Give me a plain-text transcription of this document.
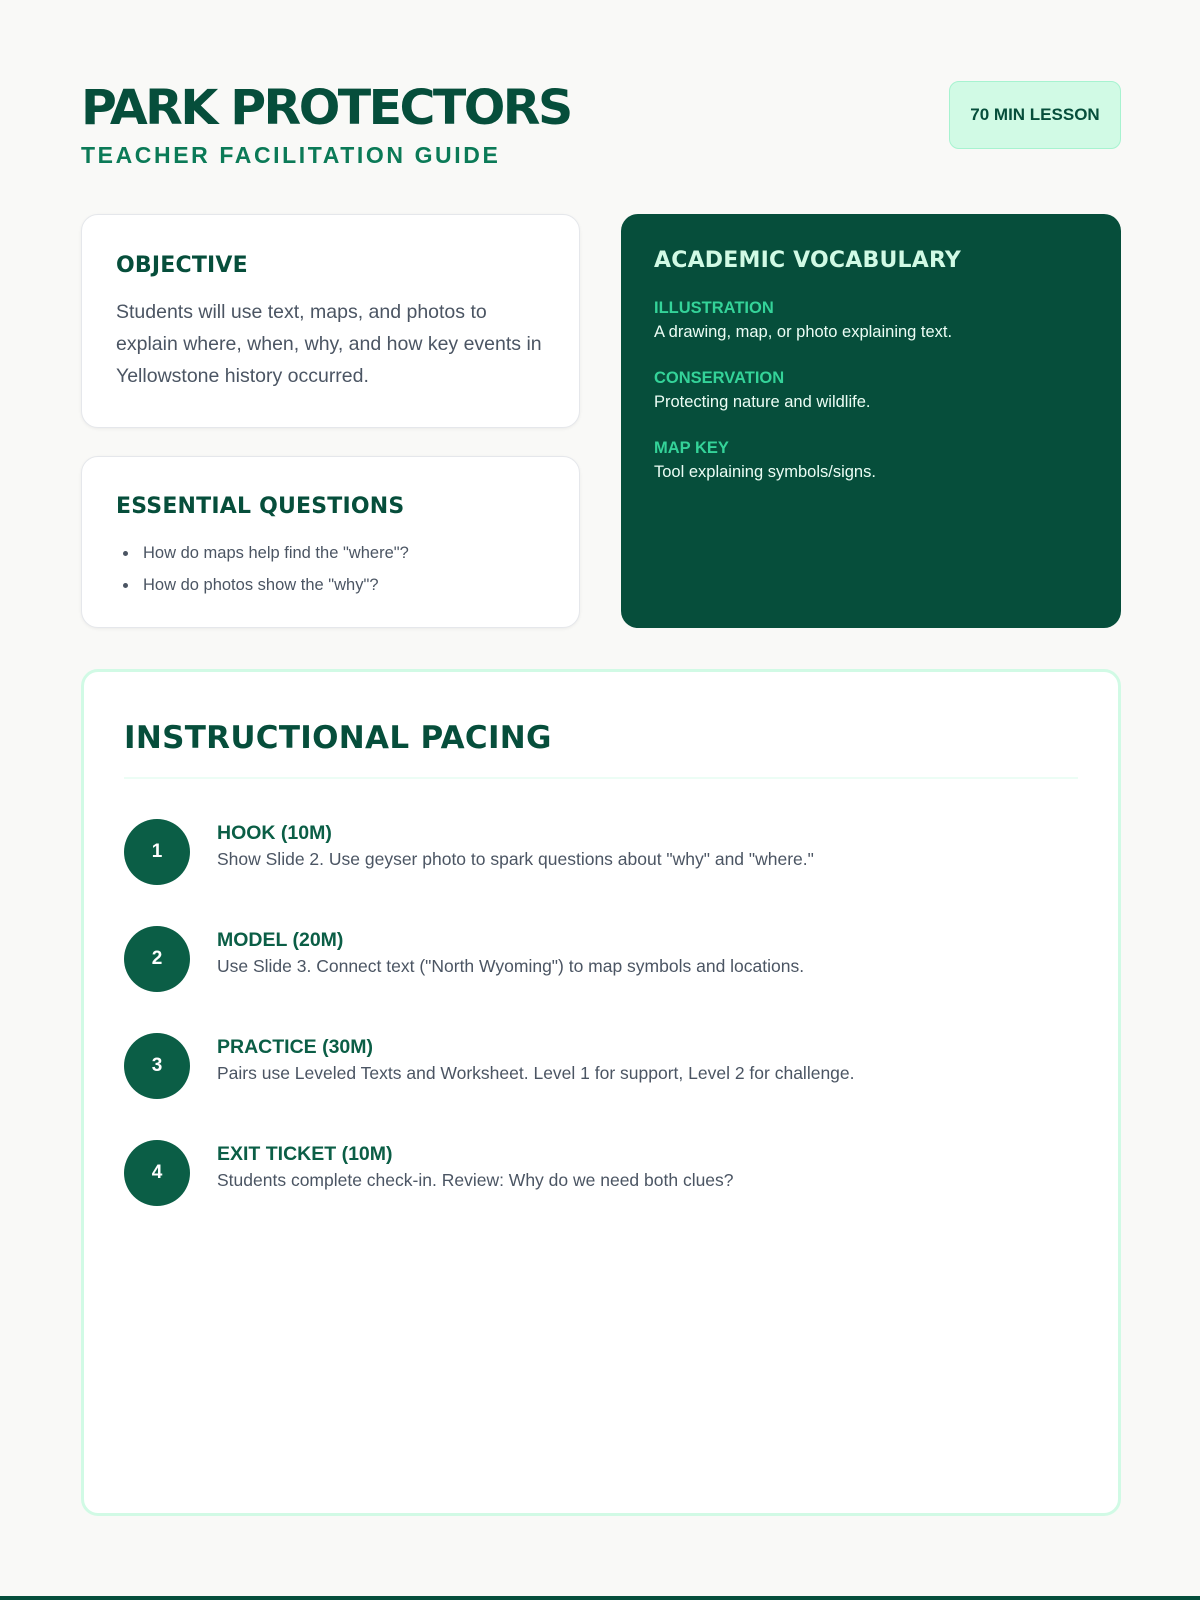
PARK PROTECTORS
TEACHER FACILITATION GUIDE
70 MIN LESSON
OBJECTIVE

Students will use text, maps, and photos to explain where, when, why, and how key events in Yellowstone history occurred.

ESSENTIAL QUESTIONS
How do maps help find the "where"?
How do photos show the "why"?
ACADEMIC VOCABULARY
ILLUSTRATION
A drawing, map, or photo explaining text.
CONSERVATION
Protecting nature and wildlife.
MAP KEY
Tool explaining symbols/signs.
INSTRUCTIONAL PACING
1
HOOK (10M)
Show Slide 2. Use geyser photo to spark questions about "why" and "where."
2
MODEL (20M)
Use Slide 3. Connect text ("North Wyoming") to map symbols and locations.
3
PRACTICE (30M)
Pairs use Leveled Texts and Worksheet. Level 1 for support, Level 2 for challenge.
4
EXIT TICKET (10M)
Students complete check-in. Review: Why do we need both clues?
